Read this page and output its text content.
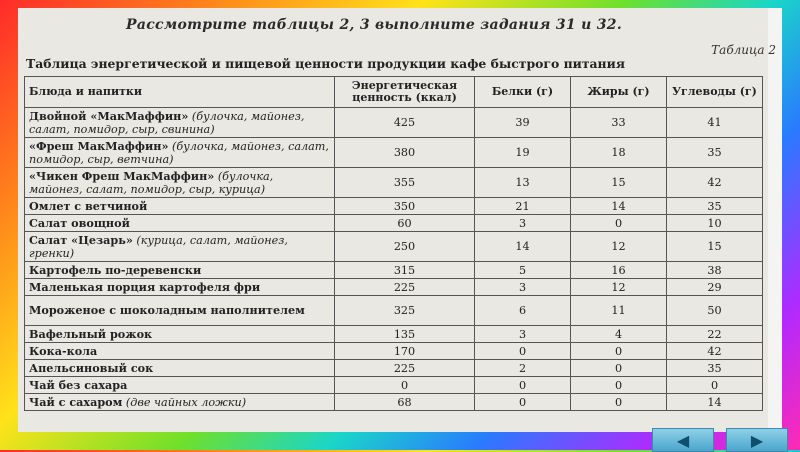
Рассмотрите таблицы 2, 3 выполните задания 31 и 32.
Таблица 2
Таблица энергетической и пищевой ценности продукции кафе быстрого питания
Блюда и напитки	Энергетическая ценность (ккал)	Белки (г)	Жиры (г)	Углеводы (г)
Двойной «МакМаффин» (булочка, майонез, салат, помидор, сыр, свинина)	425	39	33	41
«Фреш МакМаффин» (булочка, майонез, салат, помидор, сыр, ветчина)	380	19	18	35
«Чикен Фреш МакМаффин» (булочка, майонез, салат, помидор, сыр, курица)	355	13	15	42
Омлет с ветчиной	350	21	14	35
Салат овощной	60	3	0	10
Салат «Цезарь» (курица, салат, майонез, гренки)	250	14	12	15
Картофель по-деревенски	315	5	16	38
Маленькая порция картофеля фри	225	3	12	29
Мороженое с шоколадным наполнителем	325	6	11	50
Вафельный рожок	135	3	4	22
Кока-кола	170	0	0	42
Апельсиновый сок	225	2	0	35
Чай без сахара	0	0	0	0
Чай с сахаром (две чайных ложки)	68	0	0	14
◀	▶
